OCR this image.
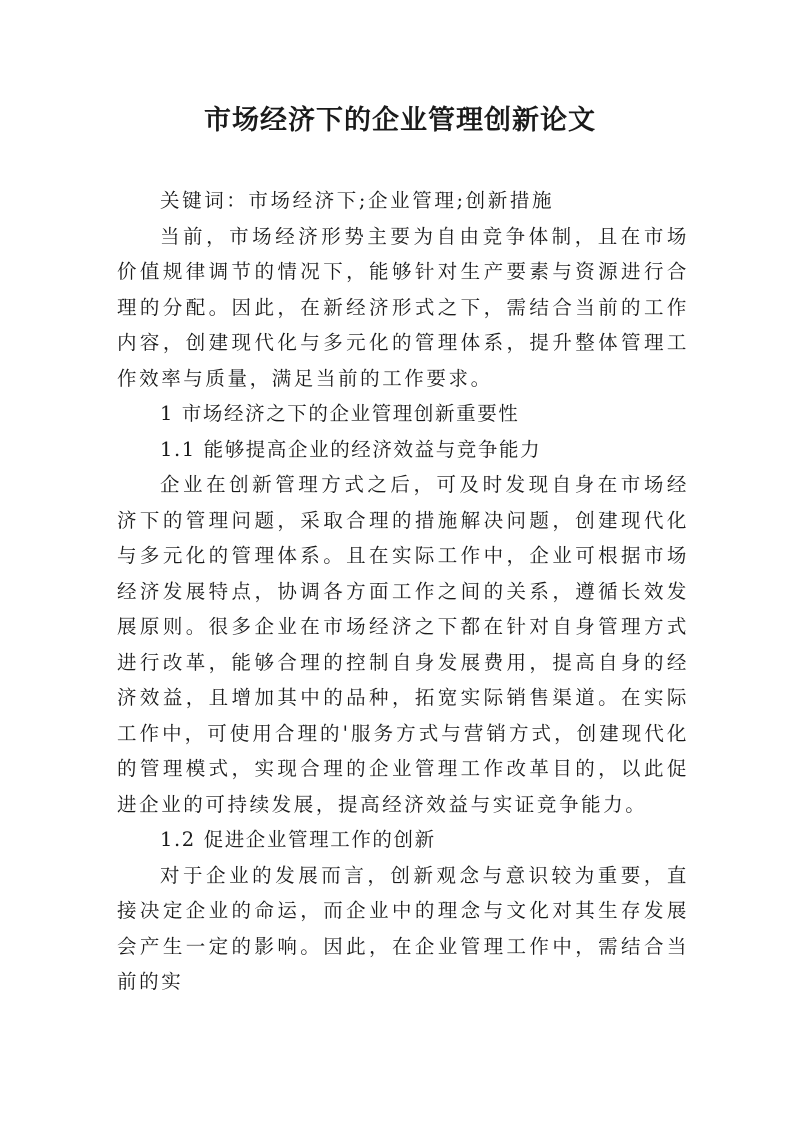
市场经济下的企业管理创新论文

关键词：市场经济下;企业管理;创新措施

当前，市场经济形势主要为自由竞争体制，且在市场价值规律调节的情况下，能够针对生产要素与资源进行合理的分配。因此，在新经济形式之下，需结合当前的工作内容，创建现代化与多元化的管理体系，提升整体管理工作效率与质量，满足当前的工作要求。

1 市场经济之下的企业管理创新重要性

1.1 能够提高企业的经济效益与竞争能力

企业在创新管理方式之后，可及时发现自身在市场经济下的管理问题，采取合理的措施解决问题，创建现代化与多元化的管理体系。且在实际工作中，企业可根据市场经济发展特点，协调各方面工作之间的关系，遵循长效发展原则。很多企业在市场经济之下都在针对自身管理方式进行改革，能够合理的控制自身发展费用，提高自身的经济效益，且增加其中的品种，拓宽实际销售渠道。在实际工作中，可使用合理的'服务方式与营销方式，创建现代化的管理模式，实现合理的企业管理工作改革目的，以此促进企业的可持续发展，提高经济效益与实证竞争能力。

1.2 促进企业管理工作的创新

对于企业的发展而言，创新观念与意识较为重要，直接决定企业的命运，而企业中的理念与文化对其生存发展会产生一定的影响。因此，在企业管理工作中，需结合当前的实
